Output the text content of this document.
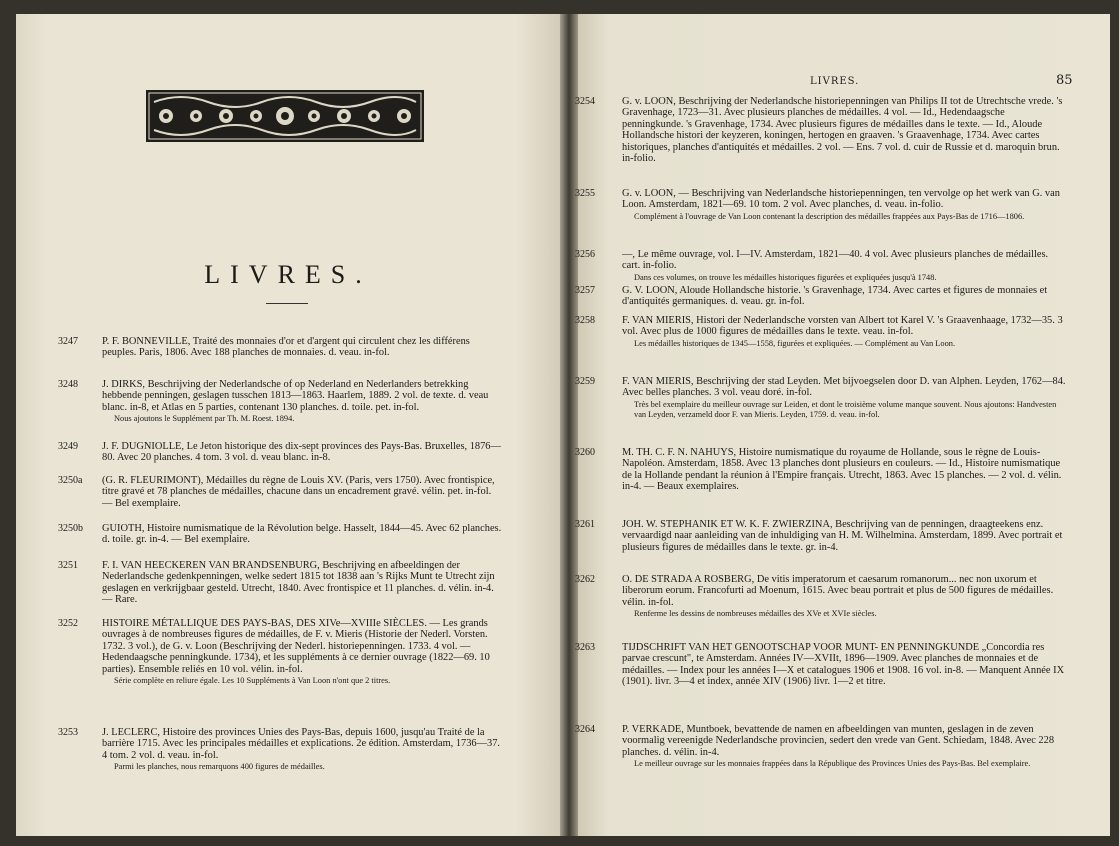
LIVRES.
3247	P. F. BONNEVILLE, Traité des monnaies d'or et d'argent qui circulent chez les différens peuples. Paris, 1806. Avec 188 planches de monnaies. d. veau. in-fol.
3248	J. DIRKS, Beschrijving der Nederlandsche of op Nederland en Nederlanders betrekking hebbende penningen, geslagen tusschen 1813—1863. Haarlem, 1889. 2 vol. de texte. d. veau blanc. in-8, et Atlas en 5 parties, contenant 130 planches. d. toile. pet. in-fol.
Nous ajoutons le Supplément par Th. M. Roest. 1894.
3249	J. F. DUGNIOLLE, Le Jeton historique des dix-sept provinces des Pays-Bas. Bruxelles, 1876—80. Avec 20 planches. 4 tom. 3 vol. d. veau blanc. in-8.
3250a	(G. R. FLEURIMONT), Médailles du règne de Louis XV. (Paris, vers 1750). Avec frontispice, titre gravé et 78 planches de médailles, chacune dans un encadrement gravé. vélin. pet. in-fol. — Bel exemplaire.
3250b	GUIOTH, Histoire numismatique de la Révolution belge. Hasselt, 1844—45. Avec 62 planches. d. toile. gr. in-4. — Bel exemplaire.
3251	F. I. VAN HEECKEREN VAN BRANDSENBURG, Beschrijving en afbeeldingen der Nederlandsche gedenkpenningen, welke sedert 1815 tot 1838 aan 's Rijks Munt te Utrecht zijn geslagen en verkrijgbaar gesteld. Utrecht, 1840. Avec frontispice et 11 planches. d. vélin. in-4. — Rare.
3252	HISTOIRE MÉTALLIQUE DES PAYS-BAS, DES XIVe—XVIIIe SIÈCLES. — Les grands ouvrages à de nombreuses figures de médailles, de F. v. Mieris (Historie der Nederl. Vorsten. 1732. 3 vol.), de G. v. Loon (Beschrijving der Nederl. historiepenningen. 1733. 4 vol. — Hedendaagsche penningkunde. 1734), et les suppléments à ce dernier ouvrage (1822—69. 10 parties). Ensemble reliés en 10 vol. vélin. in-fol.
Série complète en reliure égale. Les 10 Suppléments à Van Loon n'ont que 2 titres.
3253	J. LECLERC, Histoire des provinces Unies des Pays-Bas, depuis 1600, jusqu'au Traité de la barrière 1715. Avec les principales médailles et explications. 2e édition. Amsterdam, 1736—37. 4 tom. 2 vol. d. veau. in-fol.
Parmi les planches, nous remarquons 400 figures de médailles.
LIVRES.	85
3254	G. v. LOON, Beschrijving der Nederlandsche historiepenningen van Philips II tot de Utrechtsche vrede. 's Gravenhage, 1723—31. Avec plusieurs planches de médailles. 4 vol. — Id., Hedendaagsche penningkunde. 's Gravenhage, 1734. Avec plusieurs figures de médailles dans le texte. — Id., Aloude Hollandsche histori der keyzeren, koningen, hertogen en graaven. 's Graavenhage, 1734. Avec cartes historiques, planches d'antiquités et médailles. 2 vol. — Ens. 7 vol. d. cuir de Russie et d. maroquin brun. in-folio.
3255	G. v. LOON, — Beschrijving van Nederlandsche historiepenningen, ten vervolge op het werk van G. van Loon. Amsterdam, 1821—69. 10 tom. 2 vol. Avec planches, d. veau. in-folio.
Complément à l'ouvrage de Van Loon contenant la description des médailles frappées aux Pays-Bas de 1716—1806.
3256	—, Le même ouvrage, vol. I—IV. Amsterdam, 1821—40. 4 vol. Avec plusieurs planches de médailles. cart. in-folio.
Dans ces volumes, on trouve les médailles historiques figurées et expliquées jusqu'à 1748.
3257	G. V. LOON, Aloude Hollandsche historie. 's Gravenhage, 1734. Avec cartes et figures de monnaies et d'antiquités germaniques. d. veau. gr. in-fol.
3258	F. VAN MIERIS, Histori der Nederlandsche vorsten van Albert tot Karel V. 's Graavenhaage, 1732—35. 3 vol. Avec plus de 1000 figures de médailles dans le texte. veau. in-fol.
Les médailles historiques de 1345—1558, figurées et expliquées. — Complément au Van Loon.
3259	F. VAN MIERIS, Beschrijving der stad Leyden. Met bijvoegselen door D. van Alphen. Leyden, 1762—84. Avec belles planches. 3 vol. veau doré. in-fol.
Très bel exemplaire du meilleur ouvrage sur Leiden, et dont le troisième volume manque souvent. Nous ajoutons: Handvesten van Leyden, verzameld door F. van Mieris. Leyden, 1759. d. veau. in-fol.
3260	M. TH. C. F. N. NAHUYS, Histoire numismatique du royaume de Hollande, sous le règne de Louis-Napoléon. Amsterdam, 1858. Avec 13 planches dont plusieurs en couleurs. — Id., Histoire numismatique de la Hollande pendant la réunion à l'Empire français. Utrecht, 1863. Avec 15 planches. — 2 vol. d. vélin. in-4. — Beaux exemplaires.
3261	JOH. W. STEPHANIK ET W. K. F. ZWIERZINA, Beschrijving van de penningen, draagteekens enz. vervaardigd naar aanleiding van de inhuldiging van H. M. Wilhelmina. Amsterdam, 1899. Avec portrait et plusieurs figures de médailles dans le texte. gr. in-4.
3262	O. DE STRADA A ROSBERG, De vitis imperatorum et caesarum romanorum... nec non uxorum et liberorum eorum. Francofurti ad Moenum, 1615. Avec beau portrait et plus de 500 figures de médailles. vélin. in-fol.
Renferme les dessins de nombreuses médailles des XVe et XVIe siècles.
3263	TIJDSCHRIFT VAN HET GENOOTSCHAP VOOR MUNT- EN PENNINGKUNDE „Concordia res parvae crescunt", te Amsterdam. Années IV—XVIIt, 1896—1909. Avec planches de monnaies et de médailles. — Index pour les années I—X et catalogues 1906 et 1908. 16 vol. in-8. — Manquent Année IX (1901). livr. 3—4 et index, année XIV (1906) livr. 1—2 et titre.
3264	P. VERKADE, Muntboek, bevattende de namen en afbeeldingen van munten, geslagen in de zeven voormalig vereenigde Nederlandsche provincien, sedert den vrede van Gent. Schiedam, 1848. Avec 228 planches. d. vélin. in-4.
Le meilleur ouvrage sur les monnaies frappées dans la République des Provinces Unies des Pays-Bas. Bel exemplaire.
